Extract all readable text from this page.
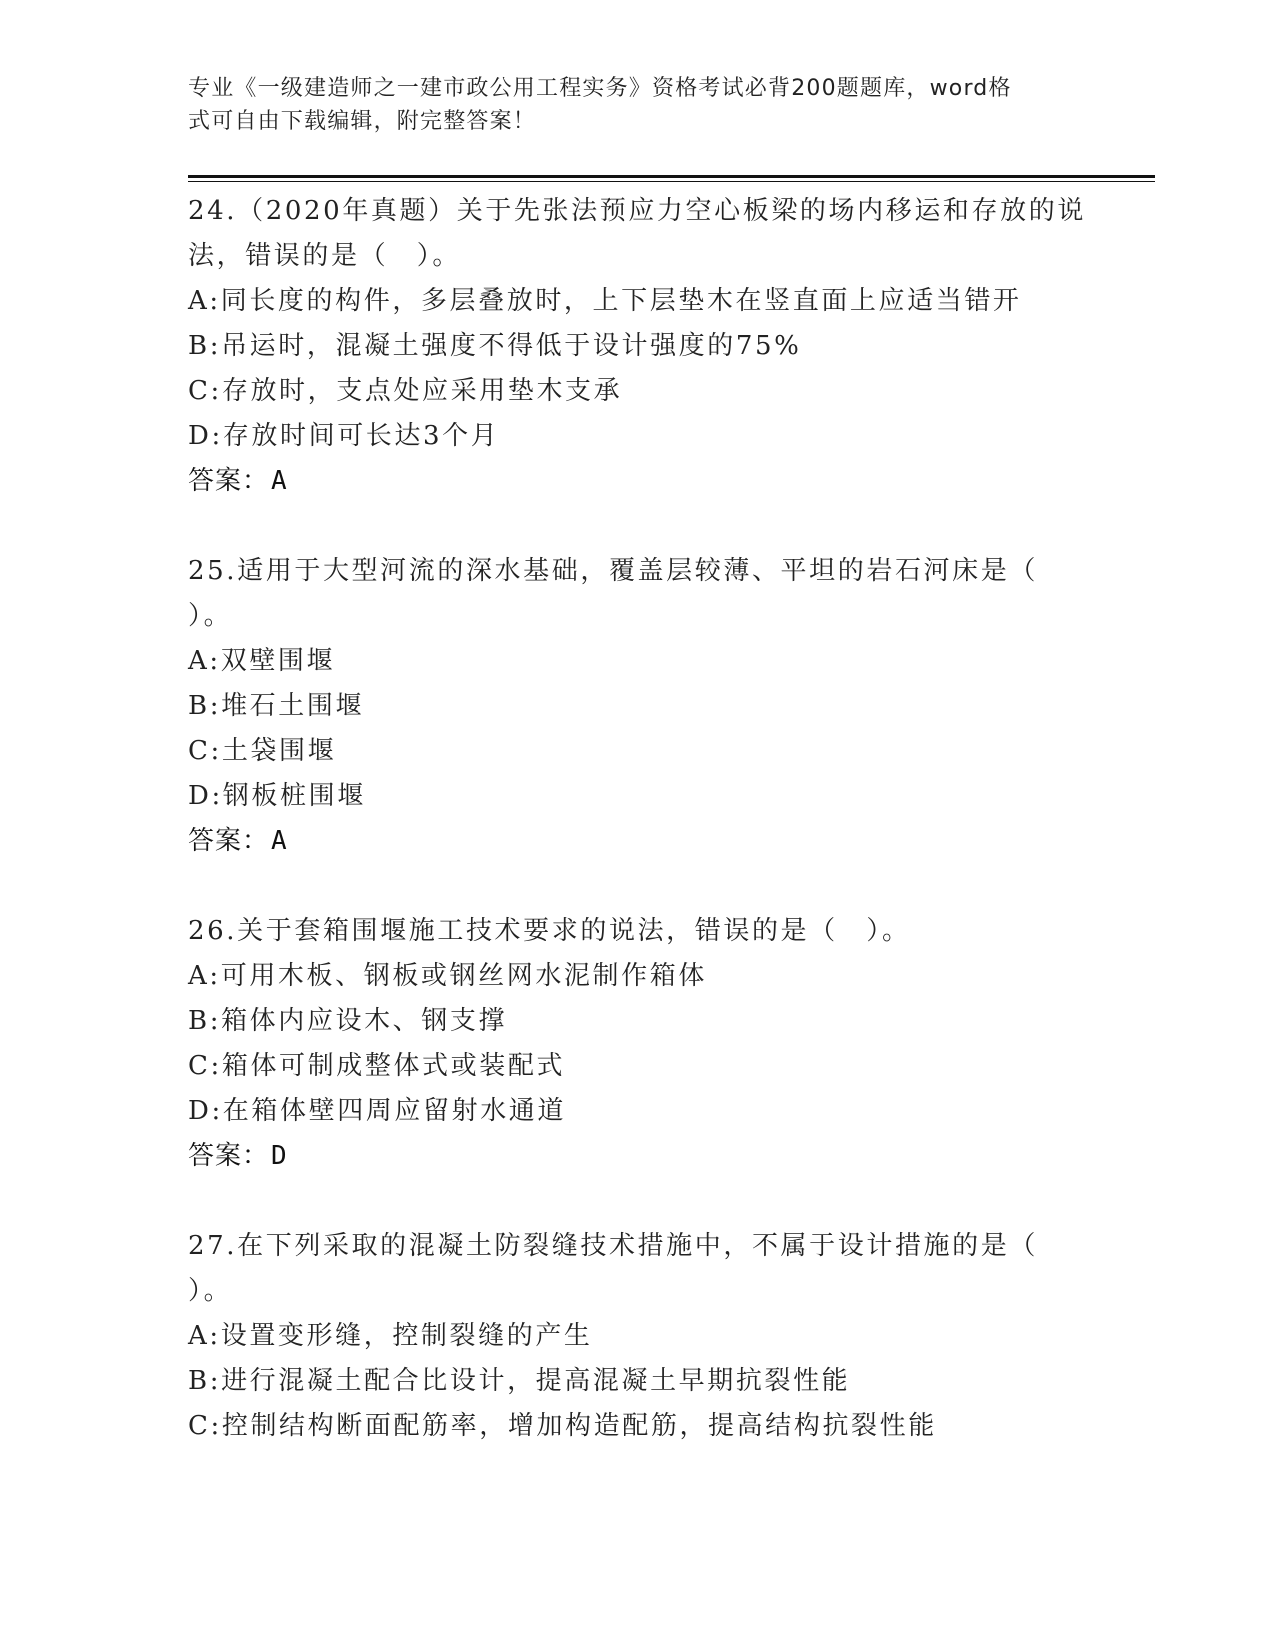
专业《一级建造师之一建市政公用工程实务》资格考试必背200题题库，word格
式可自由下载编辑，附完整答案！
24.（2020年真题）关于先张法预应力空心板梁的场内移运和存放的说
法，错误的是（　）。
A:同长度的构件，多层叠放时，上下层垫木在竖直面上应适当错开
B:吊运时，混凝土强度不得低于设计强度的75%
C:存放时，支点处应采用垫木支承
D:存放时间可长达3个月
答案：A
25.适用于大型河流的深水基础，覆盖层较薄、平坦的岩石河床是（
）。
A:双壁围堰
B:堆石土围堰
C:土袋围堰
D:钢板桩围堰
答案：A
26.关于套箱围堰施工技术要求的说法，错误的是（　）。
A:可用木板、钢板或钢丝网水泥制作箱体
B:箱体内应设木、钢支撑
C:箱体可制成整体式或装配式
D:在箱体壁四周应留射水通道
答案：D
27.在下列采取的混凝土防裂缝技术措施中，不属于设计措施的是（
）。
A:设置变形缝，控制裂缝的产生
B:进行混凝土配合比设计，提高混凝土早期抗裂性能
C:控制结构断面配筋率，增加构造配筋，提高结构抗裂性能
